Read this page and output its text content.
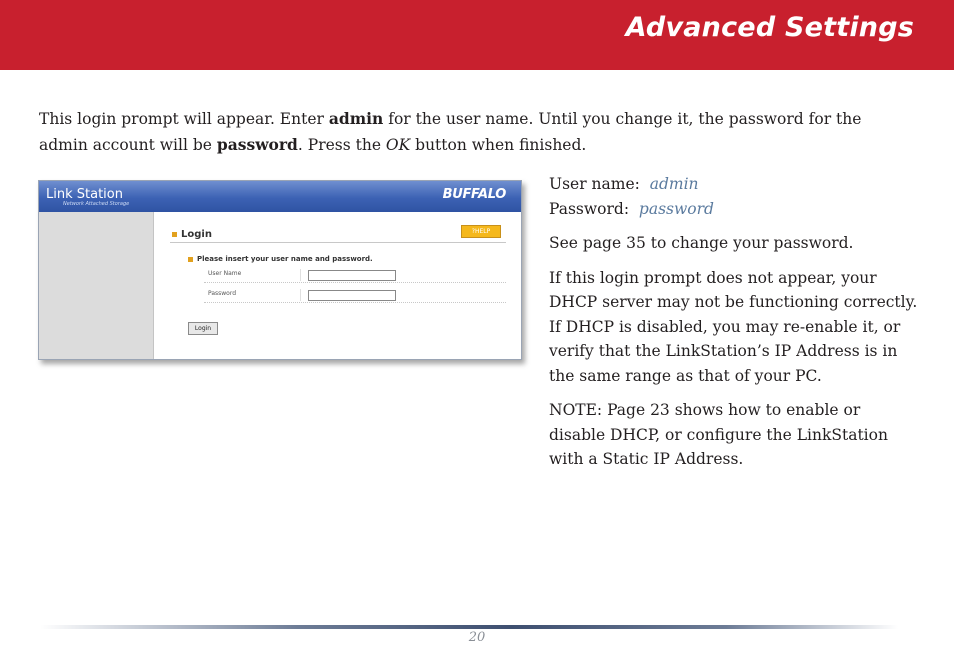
Advanced Settings

This login prompt will appear. Enter admin for the user name. Until you change it, the password for the admin account will be password. Press the OK button when finished.

Link Station
Network Attached Storage
BUFFALO
Login	?HELP
Please insert your user name and password.
User Name
Password
Login

User name: admin
Password: password

See page 35 to change your password.

If this login prompt does not appear, your DHCP server may not be functioning correctly. If DHCP is disabled, you may re-enable it, or verify that the LinkStation’s IP Address is in the same range as that of your PC.

NOTE: Page 23 shows how to enable or disable DHCP, or configure the LinkStation with a Static IP Address.

20
